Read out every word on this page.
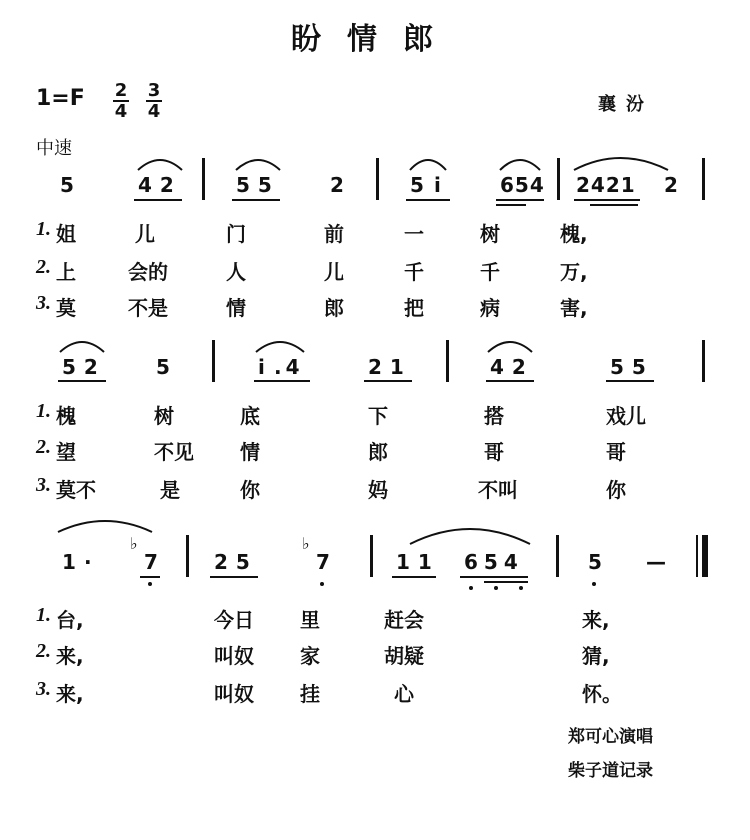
盼情郎
1=F 2
4
3
4	襄汾
中速
5	42	55	2	5 i	654 2421 2
1. 姐	儿	门	前	一	树	槐,
2. 上	会的	人	儿	千	千	万,
3. 莫	不是	情	郎	把	病	害,
52	5	i .4	21	42	55
1. 槐	树	底	下	搭	戏儿
2. 望	不见 情	郎	哥	哥
3. 莫不	是	你	妈	不叫	你
1 ·
♭
7	25
♭
7	11 654	5 —
1. 台,	今日 里	赶会	来,
2. 来,	叫奴 家	胡疑	猜,
3. 来,	叫奴 挂	心	怀。
郑可心演唱
柴子道记录
